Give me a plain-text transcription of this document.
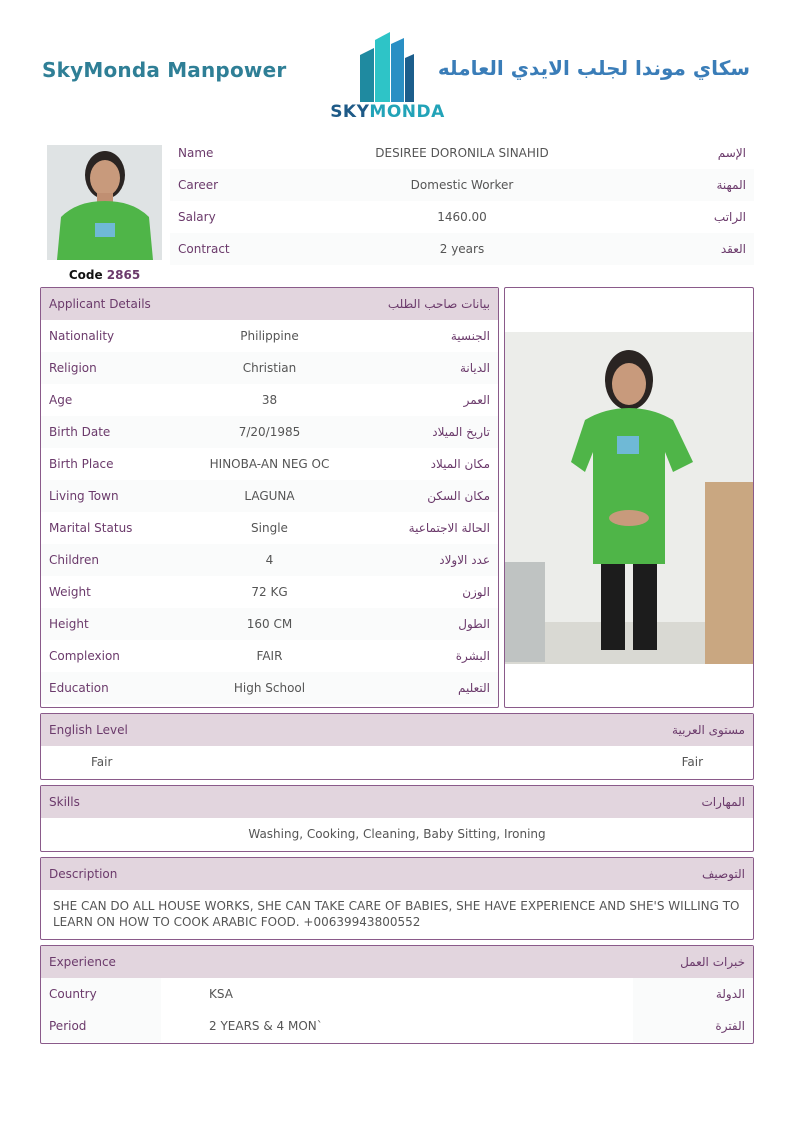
SkyMonda Manpower
SKYMONDA
سكاي موندا لجلب الايدي العامله
Code 2865
Name	DESIREE DORONILA SINAHID	الإسم
Career	Domestic Worker	المهنة
Salary	1460.00	الراتب
Contract	2 years	العقد
Applicant Details	بيانات صاحب الطلب
Nationality	Philippine	الجنسية
Religion	Christian	الديانة
Age	38	العمر
Birth Date	7/20/1985	تاريخ الميلاد
Birth Place	HINOBA-AN NEG OC	مكان الميلاد
Living Town	LAGUNA	مكان السكن
Marital Status	Single	الحالة الاجتماعية
Children	4	عدد الاولاد
Weight	72 KG	الوزن
Height	160 CM	الطول
Complexion	FAIR	البشرة
Education	High School	التعليم
English Level	مستوى العربية
Fair	Fair
Skills	المهارات
Washing, Cooking, Cleaning, Baby Sitting, Ironing
Description	التوصيف
SHE CAN DO ALL HOUSE WORKS, SHE CAN TAKE CARE OF BABIES, SHE HAVE EXPERIENCE AND SHE'S WILLING TO LEARN ON HOW TO COOK ARABIC FOOD. +00639943800552
Experience	خبرات العمل
Country	KSA	الدولة
Period	2 YEARS & 4 MON`	الفترة
